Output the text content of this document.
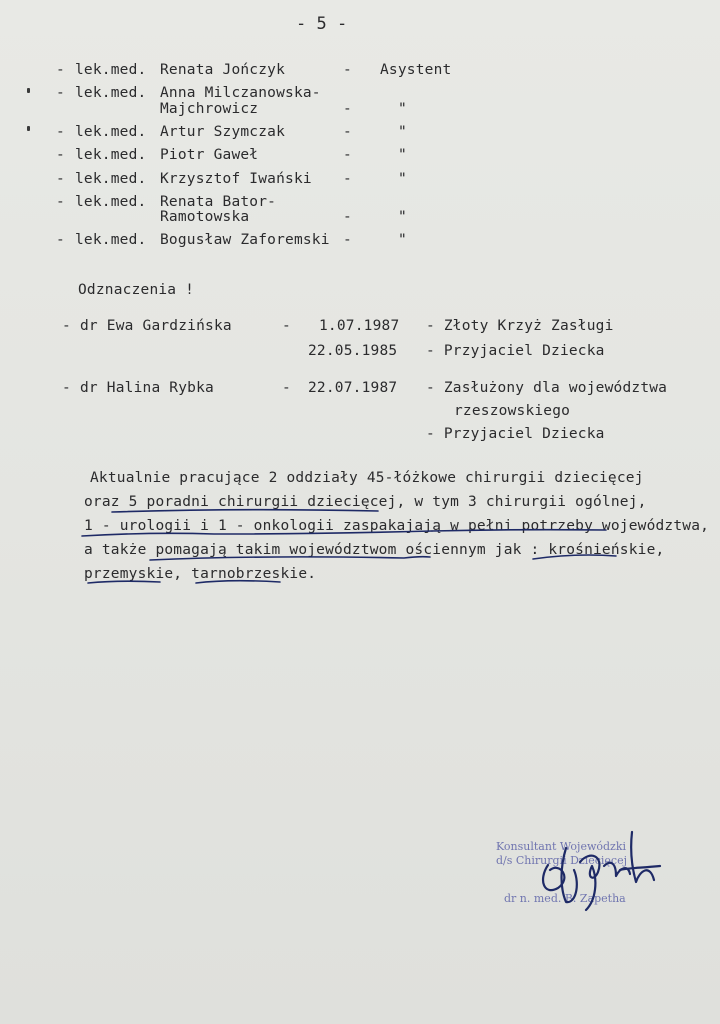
- 5 -
- lek.med. Renata Jończyk	- Asystent
- lek.med. Anna Milczanowska-
Majchrowicz	-	"
- lek.med. Artur Szymczak	-	"
- lek.med. Piotr Gaweł	-	"
- lek.med. Krzysztof Iwański -	"
- lek.med. Renata Bator-
Ramotowska	-	"
- lek.med. Bogusław Zaforemski -	"
Odznaczenia !
- dr Ewa Gardzińska	- 1.07.1987 - Złoty Krzyż Zasługi
22.05.1985 - Przyjaciel Dziecka
- dr Halina Rybka	- 22.07.1987 - Zasłużony dla województwa
rzeszowskiego
- Przyjaciel Dziecka
Aktualnie pracujące 2 oddziały 45-łóżkowe chirurgii dziecięcej
oraz 5 poradni chirurgii dziecięcej, w tym 3 chirurgii ogólnej,
1 - urologii i 1 - onkologii zaspakajają w pełni potrzeby województwa,
a także pomagają takim województwom ościennym jak : krośnieńskie,
przemyskie, tarnobrzeskie.
Konsultant Wojewódzki
d/s Chirurgii Dziecięcej
dr n. med. B. Zapetha
